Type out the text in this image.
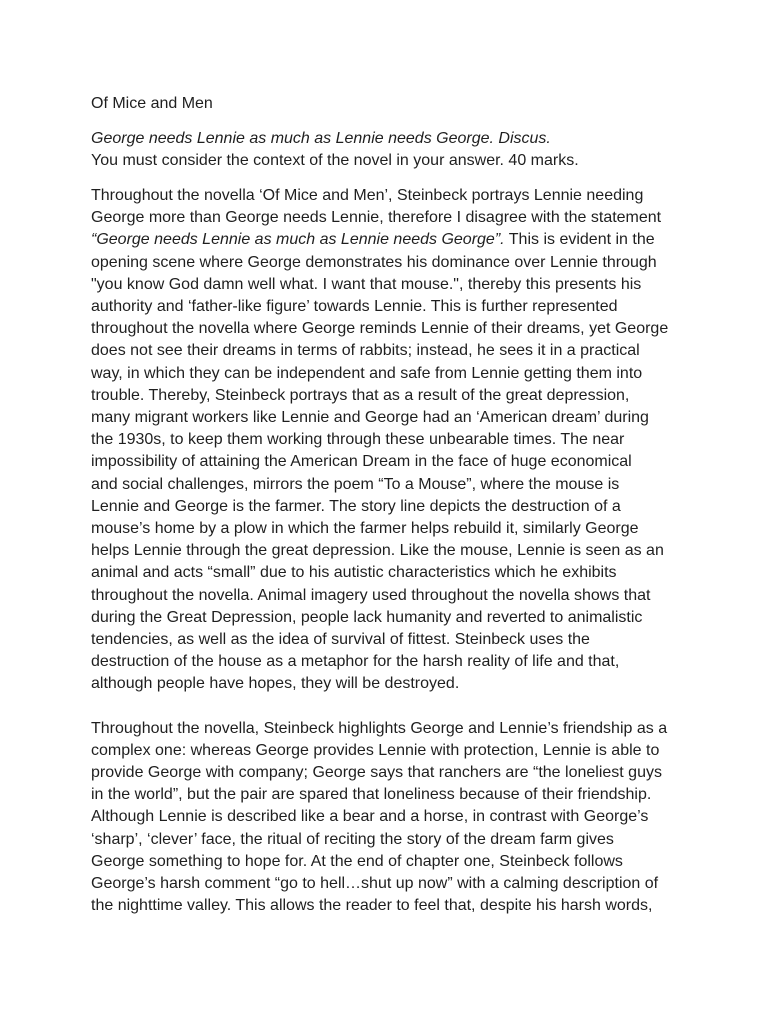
Of Mice and Men
George needs Lennie as much as Lennie needs George. Discus.
You must consider the context of the novel in your answer. 40 marks.

Throughout the novella ‘Of Mice and Men’, Steinbeck portrays Lennie needing
George more than George needs Lennie, therefore I disagree with the statement
“George needs Lennie as much as Lennie needs George”. This is evident in the
opening scene where George demonstrates his dominance over Lennie through
"you know God damn well what. I want that mouse.", thereby this presents his
authority and ‘father-like figure’ towards Lennie. This is further represented
throughout the novella where George reminds Lennie of their dreams, yet George
does not see their dreams in terms of rabbits; instead, he sees it in a practical
way, in which they can be independent and safe from Lennie getting them into
trouble. Thereby, Steinbeck portrays that as a result of the great depression,
many migrant workers like Lennie and George had an ‘American dream’ during
the 1930s, to keep them working through these unbearable times. The near
impossibility of attaining the American Dream in the face of huge economical
and social challenges, mirrors the poem “To a Mouse”, where the mouse is
Lennie and George is the farmer. The story line depicts the destruction of a
mouse’s home by a plow in which the farmer helps rebuild it, similarly George
helps Lennie through the great depression. Like the mouse, Lennie is seen as an
animal and acts “small” due to his autistic characteristics which he exhibits
throughout the novella. Animal imagery used throughout the novella shows that
during the Great Depression, people lack humanity and reverted to animalistic
tendencies, as well as the idea of survival of fittest. Steinbeck uses the
destruction of the house as a metaphor for the harsh reality of life and that,
although people have hopes, they will be destroyed.

Throughout the novella, Steinbeck highlights George and Lennie’s friendship as a
complex one: whereas George provides Lennie with protection, Lennie is able to
provide George with company; George says that ranchers are “the loneliest guys
in the world”, but the pair are spared that loneliness because of their friendship.
Although Lennie is described like a bear and a horse, in contrast with George’s
‘sharp’, ‘clever’ face, the ritual of reciting the story of the dream farm gives
George something to hope for. At the end of chapter one, Steinbeck follows
George’s harsh comment “go to hell…shut up now” with a calming description of
the nighttime valley. This allows the reader to feel that, despite his harsh words,
